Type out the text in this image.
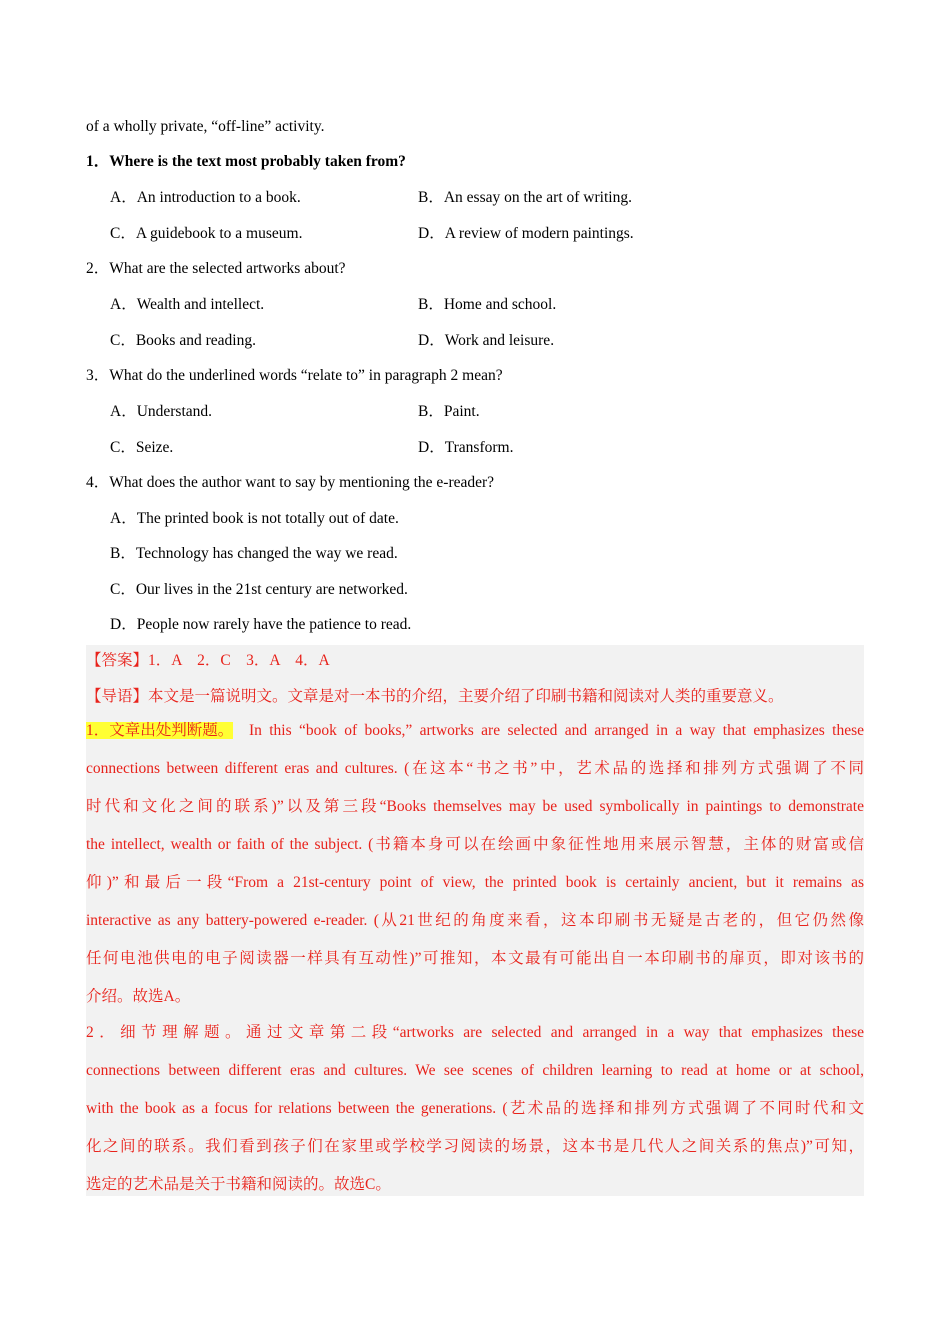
of a wholly private, “off-line” activity.
1．Where is the text most probably taken from?
A．An introduction to a book.	B．An essay on the art of writing.
C．A guidebook to a museum.	D．A review of modern paintings.
2．What are the selected artworks about?
A．Wealth and intellect.	B．Home and school.
C．Books and reading.	D．Work and leisure.
3．What do the underlined words “relate to” in paragraph 2 mean?
A．Understand.	B．Paint.
C．Seize.	D．Transform.
4．What does the author want to say by mentioning the e-reader?
A．The printed book is not totally out of date.
B．Technology has changed the way we read.
C．Our lives in the 21st century are networked.
D．People now rarely have the patience to read.
【答案】1．A　2．C　3．A　4．A
【导语】本文是一篇说明文。文章是对一本书的介绍，主要介绍了印刷书籍和阅读对人类的重要意义。
1．文章出处判断题。 In this “book of books,” artworks are selected and arranged in a way that emphasizes these
connections between different eras and cultures. (在这本“书之书”中，艺术品的选择和排列方式强调了不同
时代和文化之间的联系)”以及第三段“Books themselves may be used symbolically in paintings to demonstrate
the intellect, wealth or faith of the subject. (书籍本身可以在绘画中象征性地用来展示智慧，主体的财富或信
仰)”和最后一段“From a 21st-century point of view, the printed book is certainly ancient, but it remains as
interactive as any battery-powered e-reader. (从21世纪的角度来看，这本印刷书无疑是古老的，但它仍然像
任何电池供电的电子阅读器一样具有互动性)”可推知，本文最有可能出自一本印刷书的扉页，即对该书的
介绍。故选A。
2．细节理解题。通过文章第二段“artworks are selected and arranged in a way that emphasizes these
connections between different eras and cultures. We see scenes of children learning to read at home or at school,
with the book as a focus for relations between the generations. (艺术品的选择和排列方式强调了不同时代和文
化之间的联系。我们看到孩子们在家里或学校学习阅读的场景，这本书是几代人之间关系的焦点)”可知，
选定的艺术品是关于书籍和阅读的。故选C。
